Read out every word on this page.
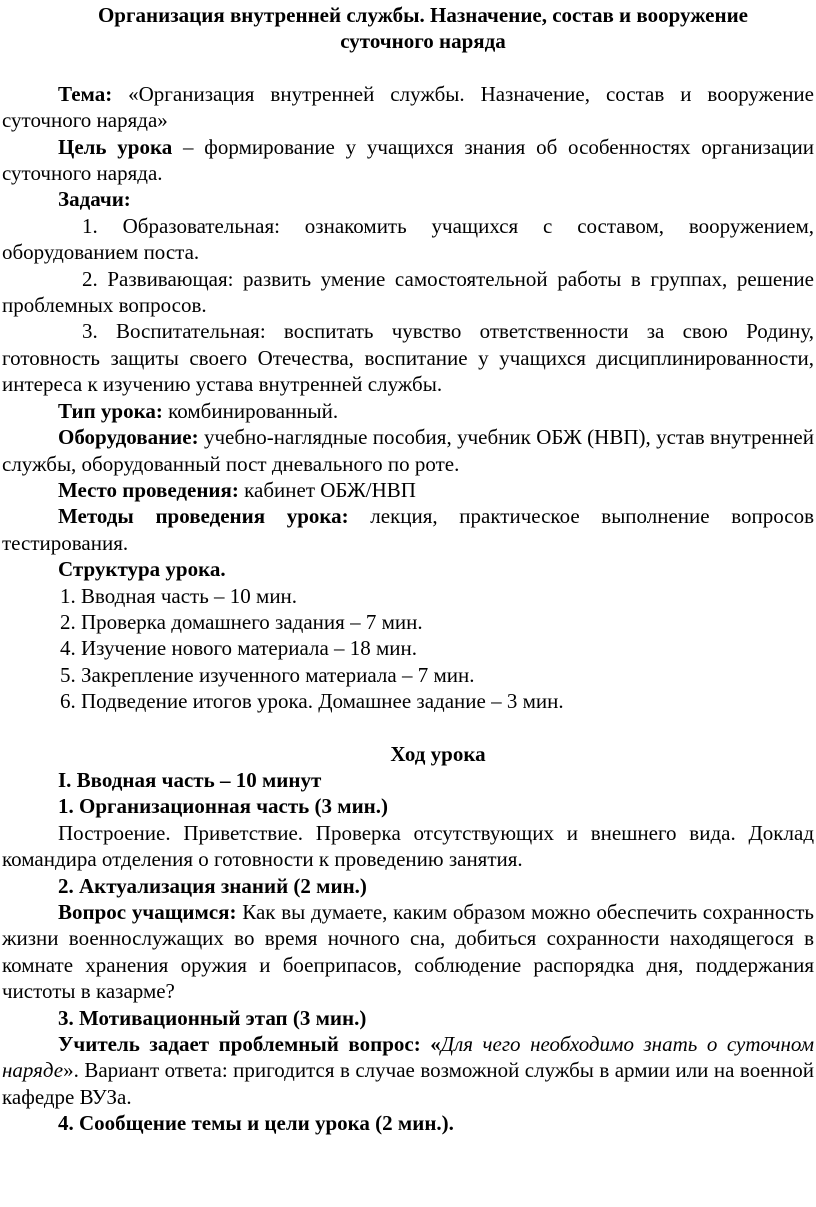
Организация внутренней службы. Назначение, состав и вооружение суточного наряда

Тема: «Организация внутренней службы. Назначение, состав и вооружение суточного наряда»

Цель урока – формирование у учащихся знания об особенностях организации суточного наряда.

Задачи:

1. Образовательная: ознакомить учащихся с составом, вооружением, оборудованием поста.

2. Развивающая: развить умение самостоятельной работы в группах, решение проблемных вопросов.

3. Воспитательная: воспитать чувство ответственности за свою Родину, готовность защиты своего Отечества, воспитание у учащихся дисциплинированности, интереса к изучению устава внутренней службы.

Тип урока: комбинированный.

Оборудование: учебно-наглядные пособия, учебник ОБЖ (НВП), устав внутренней службы, оборудованный пост дневального по роте.

Место проведения: кабинет ОБЖ/НВП

Методы проведения урока: лекция, практическое выполнение вопросов тестирования.

Структура урока.

1. Вводная часть – 10 мин.
2. Проверка домашнего задания – 7 мин.
4. Изучение нового материала – 18 мин.
5. Закрепление изученного материала – 7 мин.
6. Подведение итогов урока. Домашнее задание – 3 мин.

Ход урока

I. Вводная часть – 10 минут

1. Организационная часть (3 мин.)

Построение. Приветствие. Проверка отсутствующих и внешнего вида. Доклад командира отделения о готовности к проведению занятия.

2. Актуализация знаний (2 мин.)

Вопрос учащимся: Как вы думаете, каким образом можно обеспечить сохранность жизни военнослужащих во время ночного сна, добиться сохранности находящегося в комнате хранения оружия и боеприпасов, соблюдение распорядка дня, поддержания чистоты в казарме?

3. Мотивационный этап (3 мин.)

Учитель задает проблемный вопрос: «Для чего необходимо знать о суточном наряде». Вариант ответа: пригодится в случае возможной службы в армии или на военной кафедре ВУЗа.

4. Сообщение темы и цели урока (2 мин.).
